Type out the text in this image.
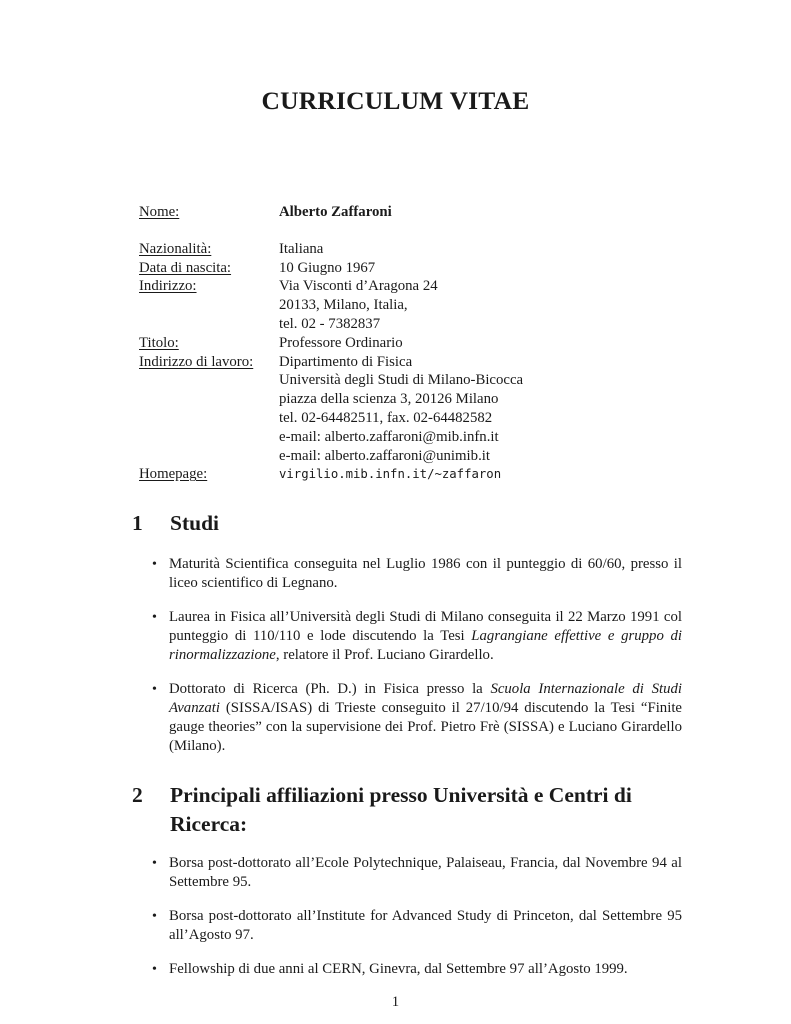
CURRICULUM VITAE
Nome:	Alberto Zaffaroni
Nazionalità:	Italiana
Data di nascita:	10 Giugno 1967
Indirizzo:	Via Visconti d’Aragona 24
20133, Milano, Italia,
tel. 02 - 7382837
Titolo:	Professore Ordinario
Indirizzo di lavoro: Dipartimento di Fisica
Università degli Studi di Milano-Bicocca
piazza della scienza 3, 20126 Milano
tel. 02-64482511, fax. 02-64482582
e-mail: alberto.zaffaroni@mib.infn.it
e-mail: alberto.zaffaroni@unimib.it
Homepage:	virgilio.mib.infn.it/~zaffaron
1 Studi
• Maturità Scientifica conseguita nel Luglio 1986 con il punteggio di 60/60, presso il liceo scientifico di Legnano.
• Laurea in Fisica all’Università degli Studi di Milano conseguita il 22 Marzo 1991 col punteggio di 110/110 e lode discutendo la Tesi Lagrangiane effettive e gruppo di rinormalizzazione, relatore il Prof. Luciano Girardello.
• Dottorato di Ricerca (Ph. D.) in Fisica presso la Scuola Internazionale di Studi Avanzati (SISSA/ISAS) di Trieste conseguito il 27/10/94 discutendo la Tesi “Finite gauge theories” con la supervisione dei Prof. Pietro Frè (SISSA) e Luciano Girardello (Milano).
2 Principali affiliazioni presso Università e Centri di Ricerca:
• Borsa post-dottorato all’Ecole Polytechnique, Palaiseau, Francia, dal Novembre 94 al Settembre 95.
• Borsa post-dottorato all’Institute for Advanced Study di Princeton, dal Settembre 95 all’Agosto 97.
• Fellowship di due anni al CERN, Ginevra, dal Settembre 97 all’Agosto 1999.
1
